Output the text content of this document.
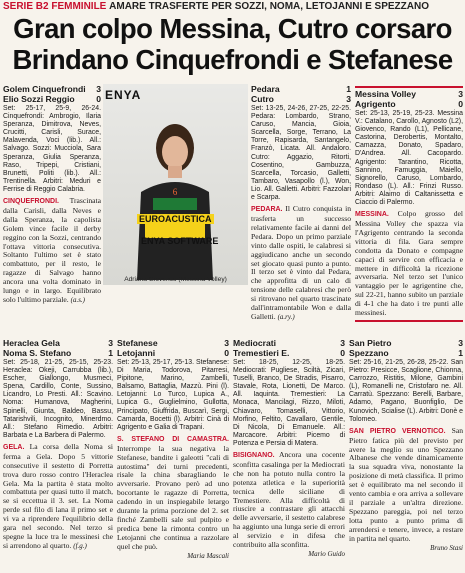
SERIE B2 FEMMINILE AMARE TRASFERTE PER SOZZI, NOMA, LETOJANNI E SPEZZANO
Gran colpo Messina, Cutro corsaro
Brindano Cinquefrondi e Stefanese
Golem Cinquefrondi 3
Elio Sozzi Reggio	0
Set: 25-17, 25-9, 26-24. Cinquefrondi: Ambrogio, Ilaria Speranza, Dimitrova, Neves, Crucitti, Carisli, Surace, Malavenda, Voci (lib.). All.: Salvago. Sozzi: Mucciola, Sara Speranza, Giulia Speranza, Raso, Tripepi, Cristiani, Brunetti, Politi (lib.). All.: Trentinella. Arbitri: Meduri e Ferrise di Reggio Calabria.
CINQUEFRONDI. Trascinata dalla Carisli, dalla Neves e dalla Speranza, la capolista Golem vince facile il derby reggino con la Sozzi, centrando l'ottava vittoria consecutiva. Soltanto l'ultimo set è stato combattuto, per il resto, le ragazze di Salvago hanno ancora una volta dominato in lungo e in largo. Equilibrato solo l'ultimo parziale. (a.s.)
ENYA
6
EUROACUSTICA
ENYA SOFTWARE
Adriana Giovenco (Messina Volley)
Pedara	1
Cutro	3
Set: 13-25, 24-26, 27-25, 22-25. Pedara: Lombardo, Strano, Caruso, Mancia, Gioia, Scarcella, Sorge, Terrano, La Torre, Rapisarda, Santangelo, Franzò, Licata. All. Andaloro. Cutro: Aggazio, Ritorti, Cosentino, Gambuzza, Scarcella, Torcasio, Galletti, Tambaro, Vasapollo (l.), Won, Lio. All. Galletti. Arbitri: Fazzolari e Scarpa.
PEDARA. Il Cutro conquista in trasferta un successo relativamente facile ai danni del Pedara. Dopo un primo parziale vinto dalle ospiti, le calabresi si aggiudicano anche un secondo set giocato quasi punto a punto. Il terzo set è vinto dal Pedara, che approfitta di un calo di tensione delle calabresi che però si ritrovano nel quarto trascinate dall'intramontabile Won e dalla Galletti. (a.ry.)
Messina Volley	3
Agrigento	0
Set: 25-13, 25-19, 25-23. Messina V.: Catalano, Carollo, Agnosto (L2), Giovenco, Rando (L1), Pellicane, Castorina, Derobertis, Montalto, Camazza, Donato, Spadaro, D'Andrea. All. Cacopardo. Agrigento: Tarantino, Ricotta, Sannino, Famuggia, Maiello, Signorello, Caruso, Lombardo, Rondaso (L). All.: Frinzi Russo. Arbitri: Alaimo di Caltanissetta e Ciaccio di Palermo.
MESSINA. Colpo grosso del Messina Volley che spazza via l'Agrigento centrando la seconda vittoria di fila. Gara sempre condotta da Donato e compagne capaci di servire con efficacia e mettere in difficoltà la ricezione avversaria. Nel terzo set l'unico vantaggio per le agrigentine che, sul 22-21, hanno subito un parziale di 4-1 che ha dato i tre punti alle messinesi.
Heraclea Gela	3
Noma S. Stefano	1
Set: 25-18, 21-25, 25-15, 25-23. Heraclea: Okeji, Carrubba (lib.), Escher, Giallongo, Musmeci, Spena, Cardillo, Conte, Sussino, Licandro, Lo Presti. All.: Scavino. Noma: Humanova, Magherini, Spinelli, Giunta, Baldeo, Bassu, Tatarishvili, Incognito, Minerdmo. All.: Stefano Rimedio. Arbitri: Barbata e La Barbera di Palermo.
GELA. La corsa della Noma si ferma a Gela. Dopo 5 vittorie consecutive il sestetto di Porretta trova duro rosso contro l'Heraclea Gela. Ma la partita è stata molto combattuta per quasi tutto il match, se si eccettua il 3. set. La Noma perde sul filo di lana il primo set e vi va a riprendere l'equilibrio della gara nel secondo. Nel terzo si spegne la luce tra le messinesi che si arrendono al quarto. (f.g.)
Stefanese	3
Letojanni	0
Set: 25-13, 25-17, 25-13. Stefanese: Di Maria, Todorova, Pitarresi, Pipitone, Marino, Zambelli, Balsamo, Battaglia, Mazzù. Pini (l). Letojanni: Lo Turco, Lupica A., Lupica G., Guglielmino, Gullotta, Principato, Giuffrida, Buscarì, Sergi, Camarda, Bocetti (l). Arbitri: Cinà di Agrigento e Galia di Trapani.
S. STEFANO DI CAMASTRA. Interrompe la sua negativa la Stefanese, bandite i galeotti "cali di autostima" dei turni precedenti, risale la china sbaragliando le avversarie. Provano però ad uno bocortante le ragazze di Porretta, cadendo in un inspiegabile letargo durante la prima porzione del 2. set finché Zambelli sale sul pulpito e predica bene la rimonta contro un Letojanni che continua a razzolare quel che può.
Maria Mascali
Mediocrati	3
Tremestieri E.	0
Set: 18-25, 12-25, 18-25. Mediocrati: Pugliese, Sciltà, Zicari, Tuselli, Branco, De Stradis, Pisarro, Stavale, Rota, Lionetti, De Marco. All. Iaquinta. Tremestieri: La Monaca, Mancilagi, Rizzo, Miloti, Chiavaro, Tomaselli, Vittorio, Morfino, Feltito, Cavallaro, Gentile, Di Nicola, Di Emanuele. All.: Marcacore. Arbitri: Picemo di Potenza e Persia di Matera.
BISIGNANO. Ancora una cocente sconfitta casalinga per la Mediocrati che non ha potuto nulla contro la potenza atletica e la superiorità tecnica delle siciliane di Tremestiere. Alla difficoltà di riuscire a contrastare gli attacchi delle avversarie, il sestetto calabrese ha aggiunto una lunga serie di errori al servizio e in difesa che contribuito alla sconfitta.
Mario Guido
San Pietro	3
Spezzano	1
Set: 25-16, 21-25, 26-28, 25-22. San Pietro: Presicce, Scaglione, Chionna, Carrozzo, Ristitis, Milone, Gambini (L), Romanelli ne, Cristofaro ne. All. Carratù. Spezzano: Berelli, Barbare, Adamo, Pagano, Buonfiglio, De Kunovich, Scialise (L). Arbitri: Donè e Tolomeo.
SAN PIETRO VERNOTICO. San Pietro fatica più del previsto per avere la meglio su uno Spezzano Albanese che vende dinamicamente la sua squadra viva, nonostante la posizione di metà classifica. Il primo set è equilibrato ma nel secondo il vento cambia e ora arriva a sollevare il parziale a un'altra direzione. Spezzano pareggia, poi nel terzo lotta punto a punto prima di arrendersi e tenere, invece, a restare in partita nel quarto.
Bruno Stasi
